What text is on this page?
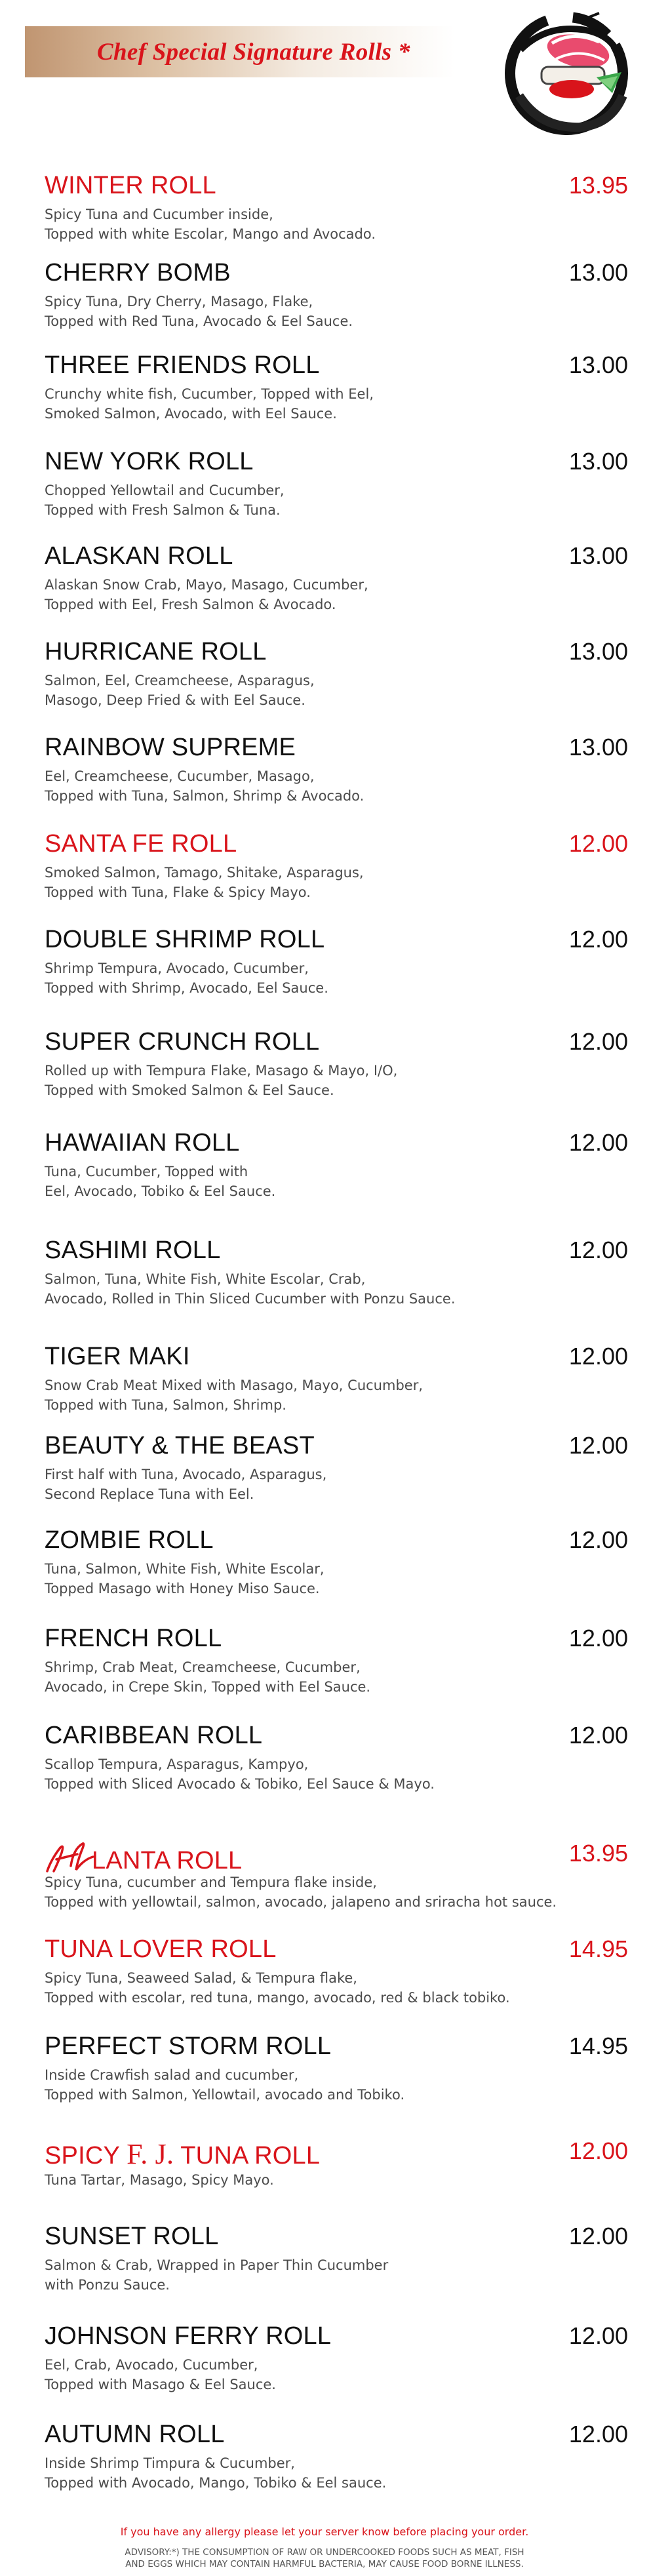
Chef Special Signature Rolls *
WINTER ROLL	13.95
Spicy Tuna and Cucumber inside,
Topped with white Escolar, Mango and Avocado.
CHERRY BOMB	13.00
Spicy Tuna, Dry Cherry, Masago, Flake,
Topped with Red Tuna, Avocado & Eel Sauce.
THREE FRIENDS ROLL	13.00
Crunchy white fish, Cucumber, Topped with Eel,
Smoked Salmon, Avocado, with Eel Sauce.
NEW YORK ROLL	13.00
Chopped Yellowtail and Cucumber,
Topped with Fresh Salmon & Tuna.
ALASKAN ROLL	13.00
Alaskan Snow Crab, Mayo, Masago, Cucumber,
Topped with Eel, Fresh Salmon & Avocado.
HURRICANE ROLL	13.00
Salmon, Eel, Creamcheese, Asparagus,
Masogo, Deep Fried & with Eel Sauce.
RAINBOW SUPREME	13.00
Eel, Creamcheese, Cucumber, Masago,
Topped with Tuna, Salmon, Shrimp & Avocado.
SANTA FE ROLL	12.00
Smoked Salmon, Tamago, Shitake, Asparagus,
Topped with Tuna, Flake & Spicy Mayo.
DOUBLE SHRIMP ROLL	12.00
Shrimp Tempura, Avocado, Cucumber,
Topped with Shrimp, Avocado, Eel Sauce.
SUPER CRUNCH ROLL	12.00
Rolled up with Tempura Flake, Masago & Mayo, I/O,
Topped with Smoked Salmon & Eel Sauce.
HAWAIIAN ROLL	12.00
Tuna, Cucumber, Topped with
Eel, Avocado, Tobiko & Eel Sauce.
SASHIMI ROLL	12.00
Salmon, Tuna, White Fish, White Escolar, Crab,
Avocado, Rolled in Thin Sliced Cucumber with Ponzu Sauce.
TIGER MAKI	12.00
Snow Crab Meat Mixed with Masago, Mayo, Cucumber,
Topped with Tuna, Salmon, Shrimp.
BEAUTY & THE BEAST	12.00
First half with Tuna, Avocado, Asparagus,
Second Replace Tuna with Eel.
ZOMBIE ROLL	12.00
Tuna, Salmon, White Fish, White Escolar,
Topped Masago with Honey Miso Sauce.
FRENCH ROLL	12.00
Shrimp, Crab Meat, Creamcheese, Cucumber,
Avocado, in Crepe Skin, Topped with Eel Sauce.
CARIBBEAN ROLL	12.00
Scallop Tempura, Asparagus, Kampyo,
Topped with Sliced Avocado & Tobiko, Eel Sauce & Mayo.
LANTA ROLL	13.95
Spicy Tuna, cucumber and Tempura flake inside,
Topped with yellowtail, salmon, avocado, jalapeno and sriracha hot sauce.
TUNA LOVER ROLL	14.95
Spicy Tuna, Seaweed Salad, & Tempura flake,
Topped with escolar, red tuna, mango, avocado, red & black tobiko.
PERFECT STORM ROLL	14.95
Inside Crawfish salad and cucumber,
Topped with Salmon, Yellowtail, avocado and Tobiko.
SPICY F. J. TUNA ROLL	12.00
Tuna Tartar, Masago, Spicy Mayo.
SUNSET ROLL	12.00
Salmon & Crab, Wrapped in Paper Thin Cucumber
with Ponzu Sauce.
JOHNSON FERRY ROLL	12.00
Eel, Crab, Avocado, Cucumber,
Topped with Masago & Eel Sauce.
AUTUMN ROLL	12.00
Inside Shrimp Timpura & Cucumber,
Topped with Avocado, Mango, Tobiko & Eel sauce.
If you have any allergy please let your server know before placing your order.
ADVISORY:*) THE CONSUMPTION OF RAW OR UNDERCOOKED FOODS SUCH AS MEAT, FISH
AND EGGS WHICH MAY CONTAIN HARMFUL BACTERIA, MAY CAUSE FOOD BORNE ILLNESS.
